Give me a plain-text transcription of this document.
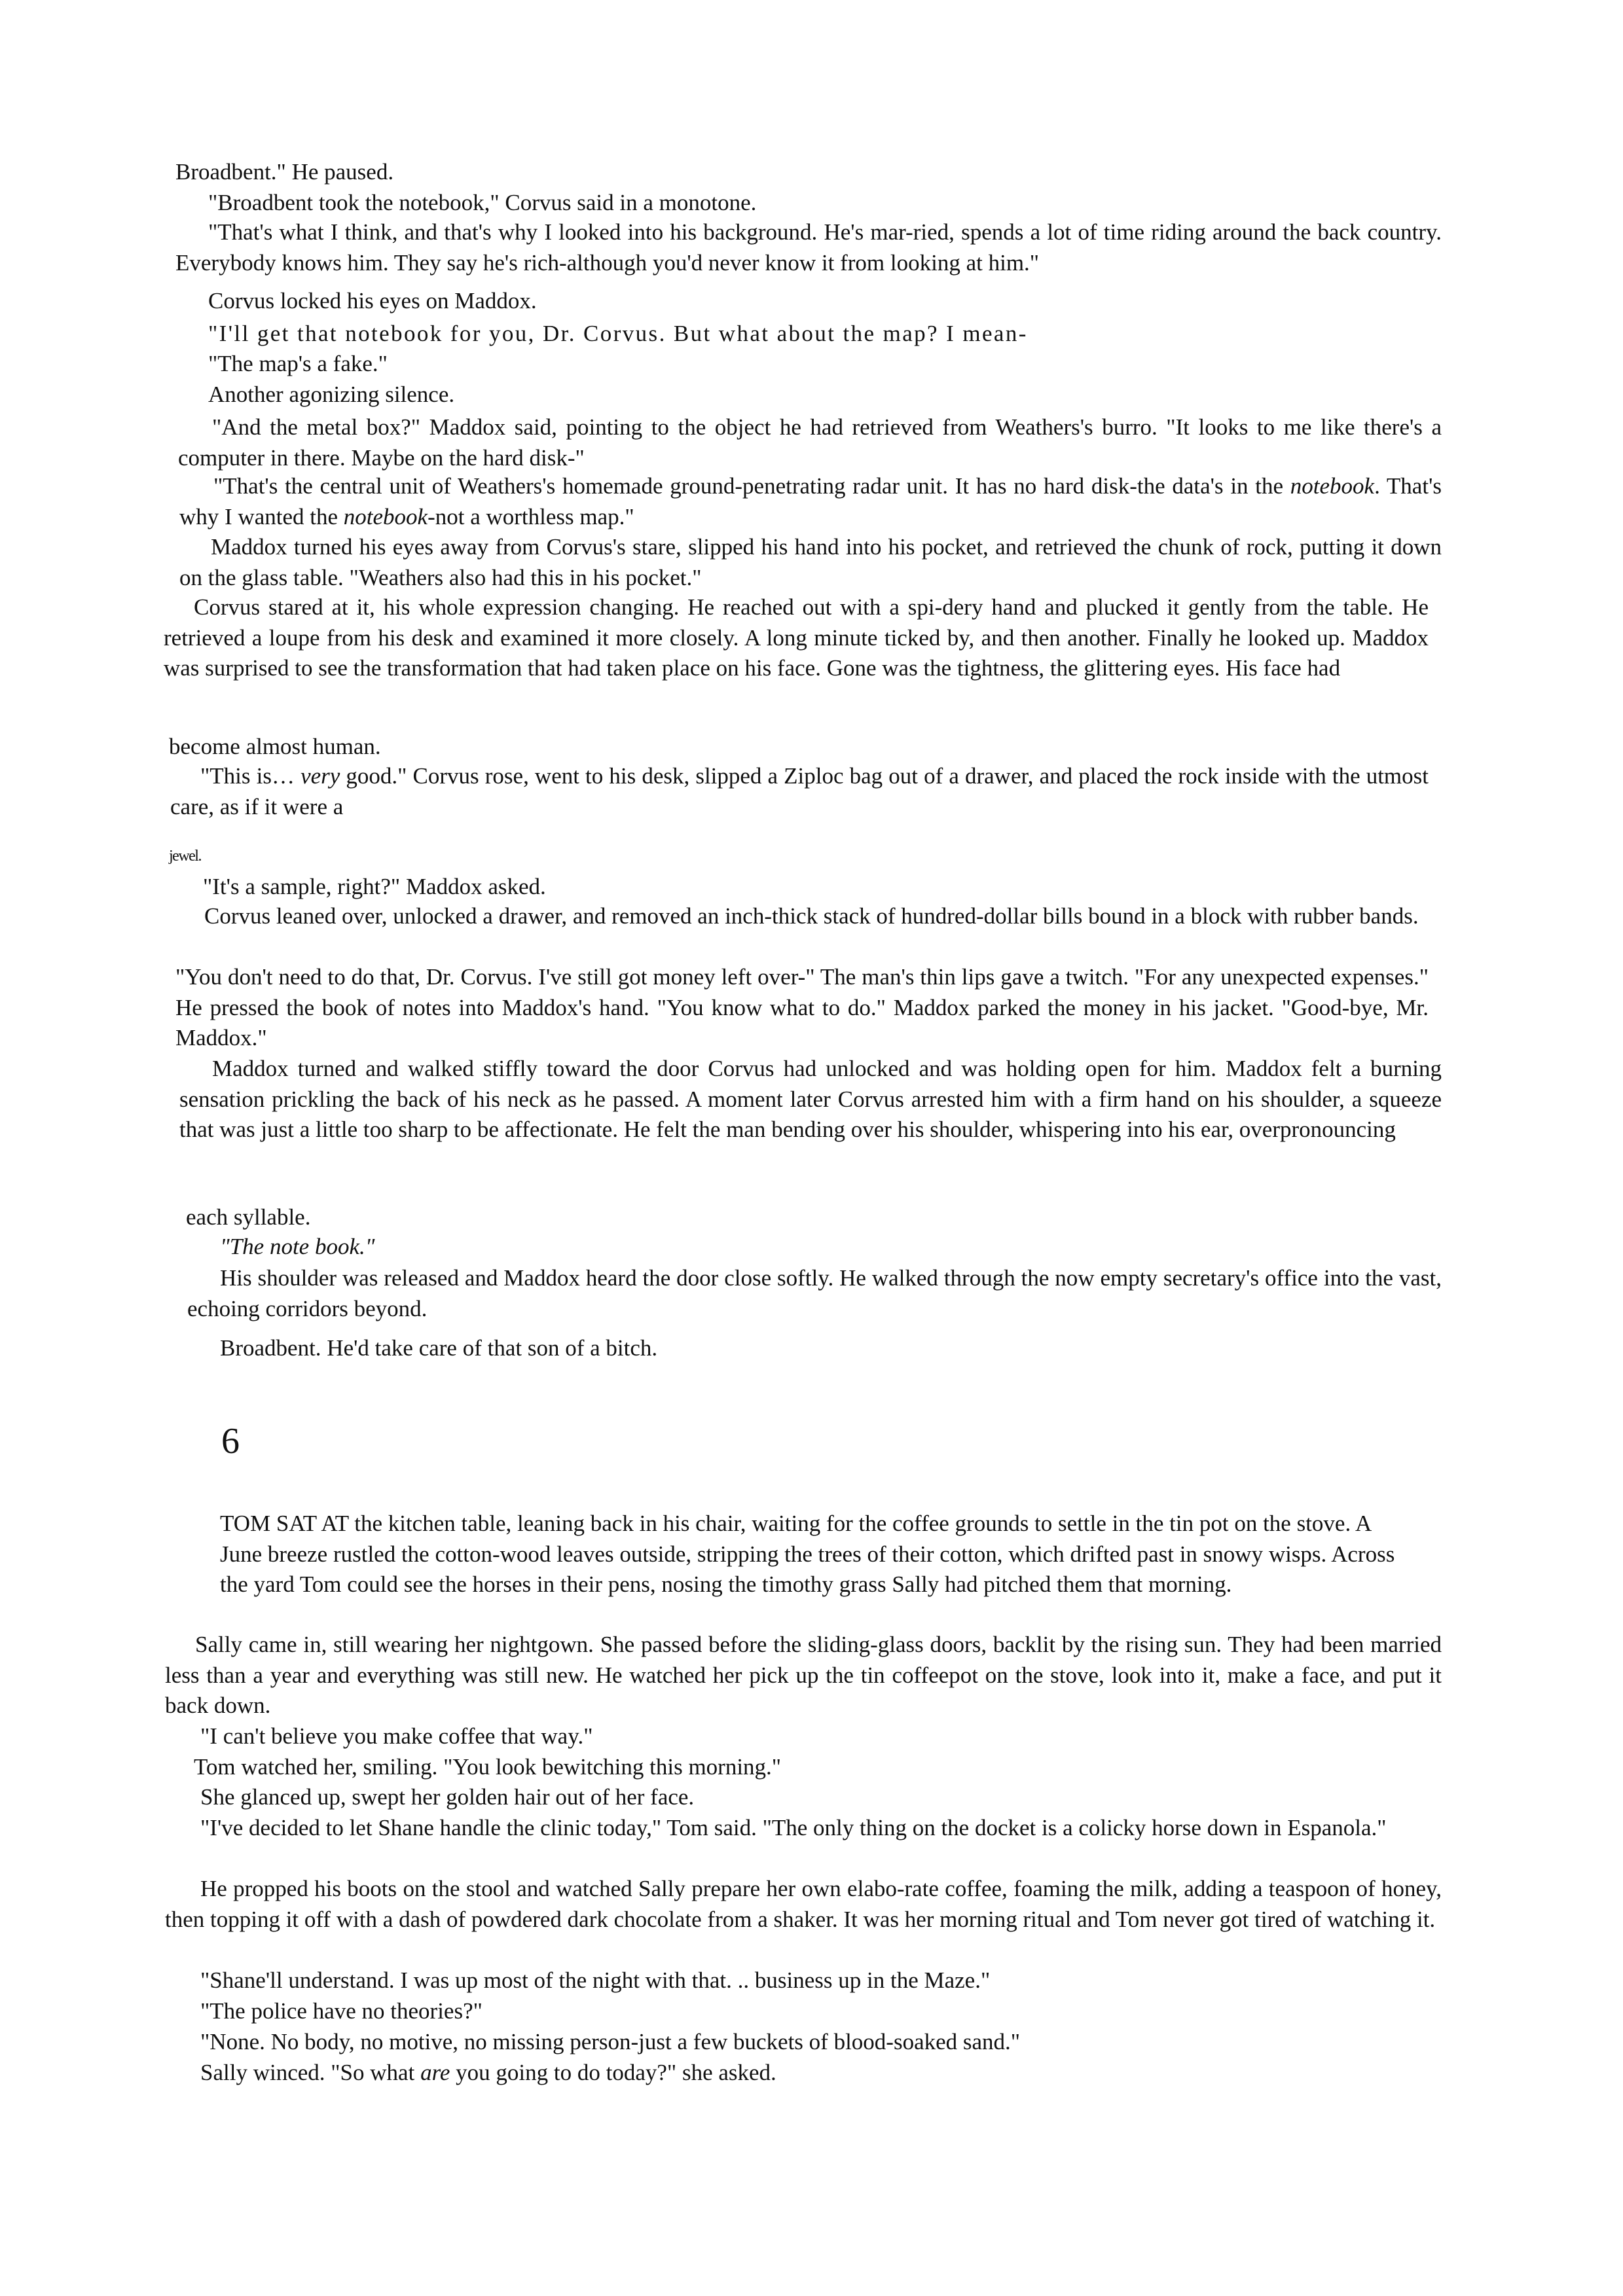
Broadbent." He paused.

"Broadbent took the notebook," Corvus said in a monotone.

"That's what I think, and that's why I looked into his background. He's mar-ried, spends a lot of time riding around the back country. Everybody knows him. They say he's rich-although you'd never know it from looking at him."

Corvus locked his eyes on Maddox.

"I'll get that notebook for you, Dr. Corvus. But what about the map? I mean-

"The map's a fake."

Another agonizing silence.

"And the metal box?" Maddox said, pointing to the object he had retrieved from Weathers's burro. "It looks to me like there's a computer in there. Maybe on the hard disk-"

"That's the central unit of Weathers's homemade ground-penetrating radar unit. It has no hard disk-the data's in the notebook. That's why I wanted the notebook-not a worthless map."

Maddox turned his eyes away from Corvus's stare, slipped his hand into his pocket, and retrieved the chunk of rock, putting it down on the glass table. "Weathers also had this in his pocket."

Corvus stared at it, his whole expression changing. He reached out with a spi-dery hand and plucked it gently from the table. He retrieved a loupe from his desk and examined it more closely. A long minute ticked by, and then another. Finally he looked up. Maddox was surprised to see the transformation that had taken place on his face. Gone was the tightness, the glittering eyes. His face had

become almost human.

"This is… very good." Corvus rose, went to his desk, slipped a Ziploc bag out of a drawer, and placed the rock inside with the utmost care, as if it were a

jewel.

"It's a sample, right?" Maddox asked.

Corvus leaned over, unlocked a drawer, and removed an inch-thick stack of hundred-dollar bills bound in a block with rubber bands.

"You don't need to do that, Dr. Corvus. I've still got money left over-" The man's thin lips gave a twitch. "For any unexpected expenses." He pressed the book of notes into Maddox's hand. "You know what to do." Maddox parked the money in his jacket. "Good-bye, Mr. Maddox."

Maddox turned and walked stiffly toward the door Corvus had unlocked and was holding open for him. Maddox felt a burning sensation prickling the back of his neck as he passed. A moment later Corvus arrested him with a firm hand on his shoulder, a squeeze that was just a little too sharp to be affectionate. He felt the man bending over his shoulder, whispering into his ear, overpronouncing

each syllable.

"The note book."

His shoulder was released and Maddox heard the door close softly. He walked through the now empty secretary's office into the vast, echoing corridors beyond.

Broadbent. He'd take care of that son of a bitch.

6

TOM SAT AT the kitchen table, leaning back in his chair, waiting for the coffee grounds to settle in the tin pot on the stove. A June breeze rustled the cotton-wood leaves outside, stripping the trees of their cotton, which drifted past in snowy wisps. Across the yard Tom could see the horses in their pens, nosing the timothy grass Sally had pitched them that morning.

Sally came in, still wearing her nightgown. She passed before the sliding-glass doors, backlit by the rising sun. They had been married less than a year and everything was still new. He watched her pick up the tin coffeepot on the stove, look into it, make a face, and put it back down.

"I can't believe you make coffee that way."

Tom watched her, smiling. "You look bewitching this morning."

She glanced up, swept her golden hair out of her face.

"I've decided to let Shane handle the clinic today," Tom said. "The only thing on the docket is a colicky horse down in Espanola."

He propped his boots on the stool and watched Sally prepare her own elabo-rate coffee, foaming the milk, adding a teaspoon of honey, then topping it off with a dash of powdered dark chocolate from a shaker. It was her morning ritual and Tom never got tired of watching it.

"Shane'll understand. I was up most of the night with that. .. business up in the Maze."

"The police have no theories?"

"None. No body, no motive, no missing person-just a few buckets of blood-soaked sand."

Sally winced. "So what are you going to do today?" she asked.
